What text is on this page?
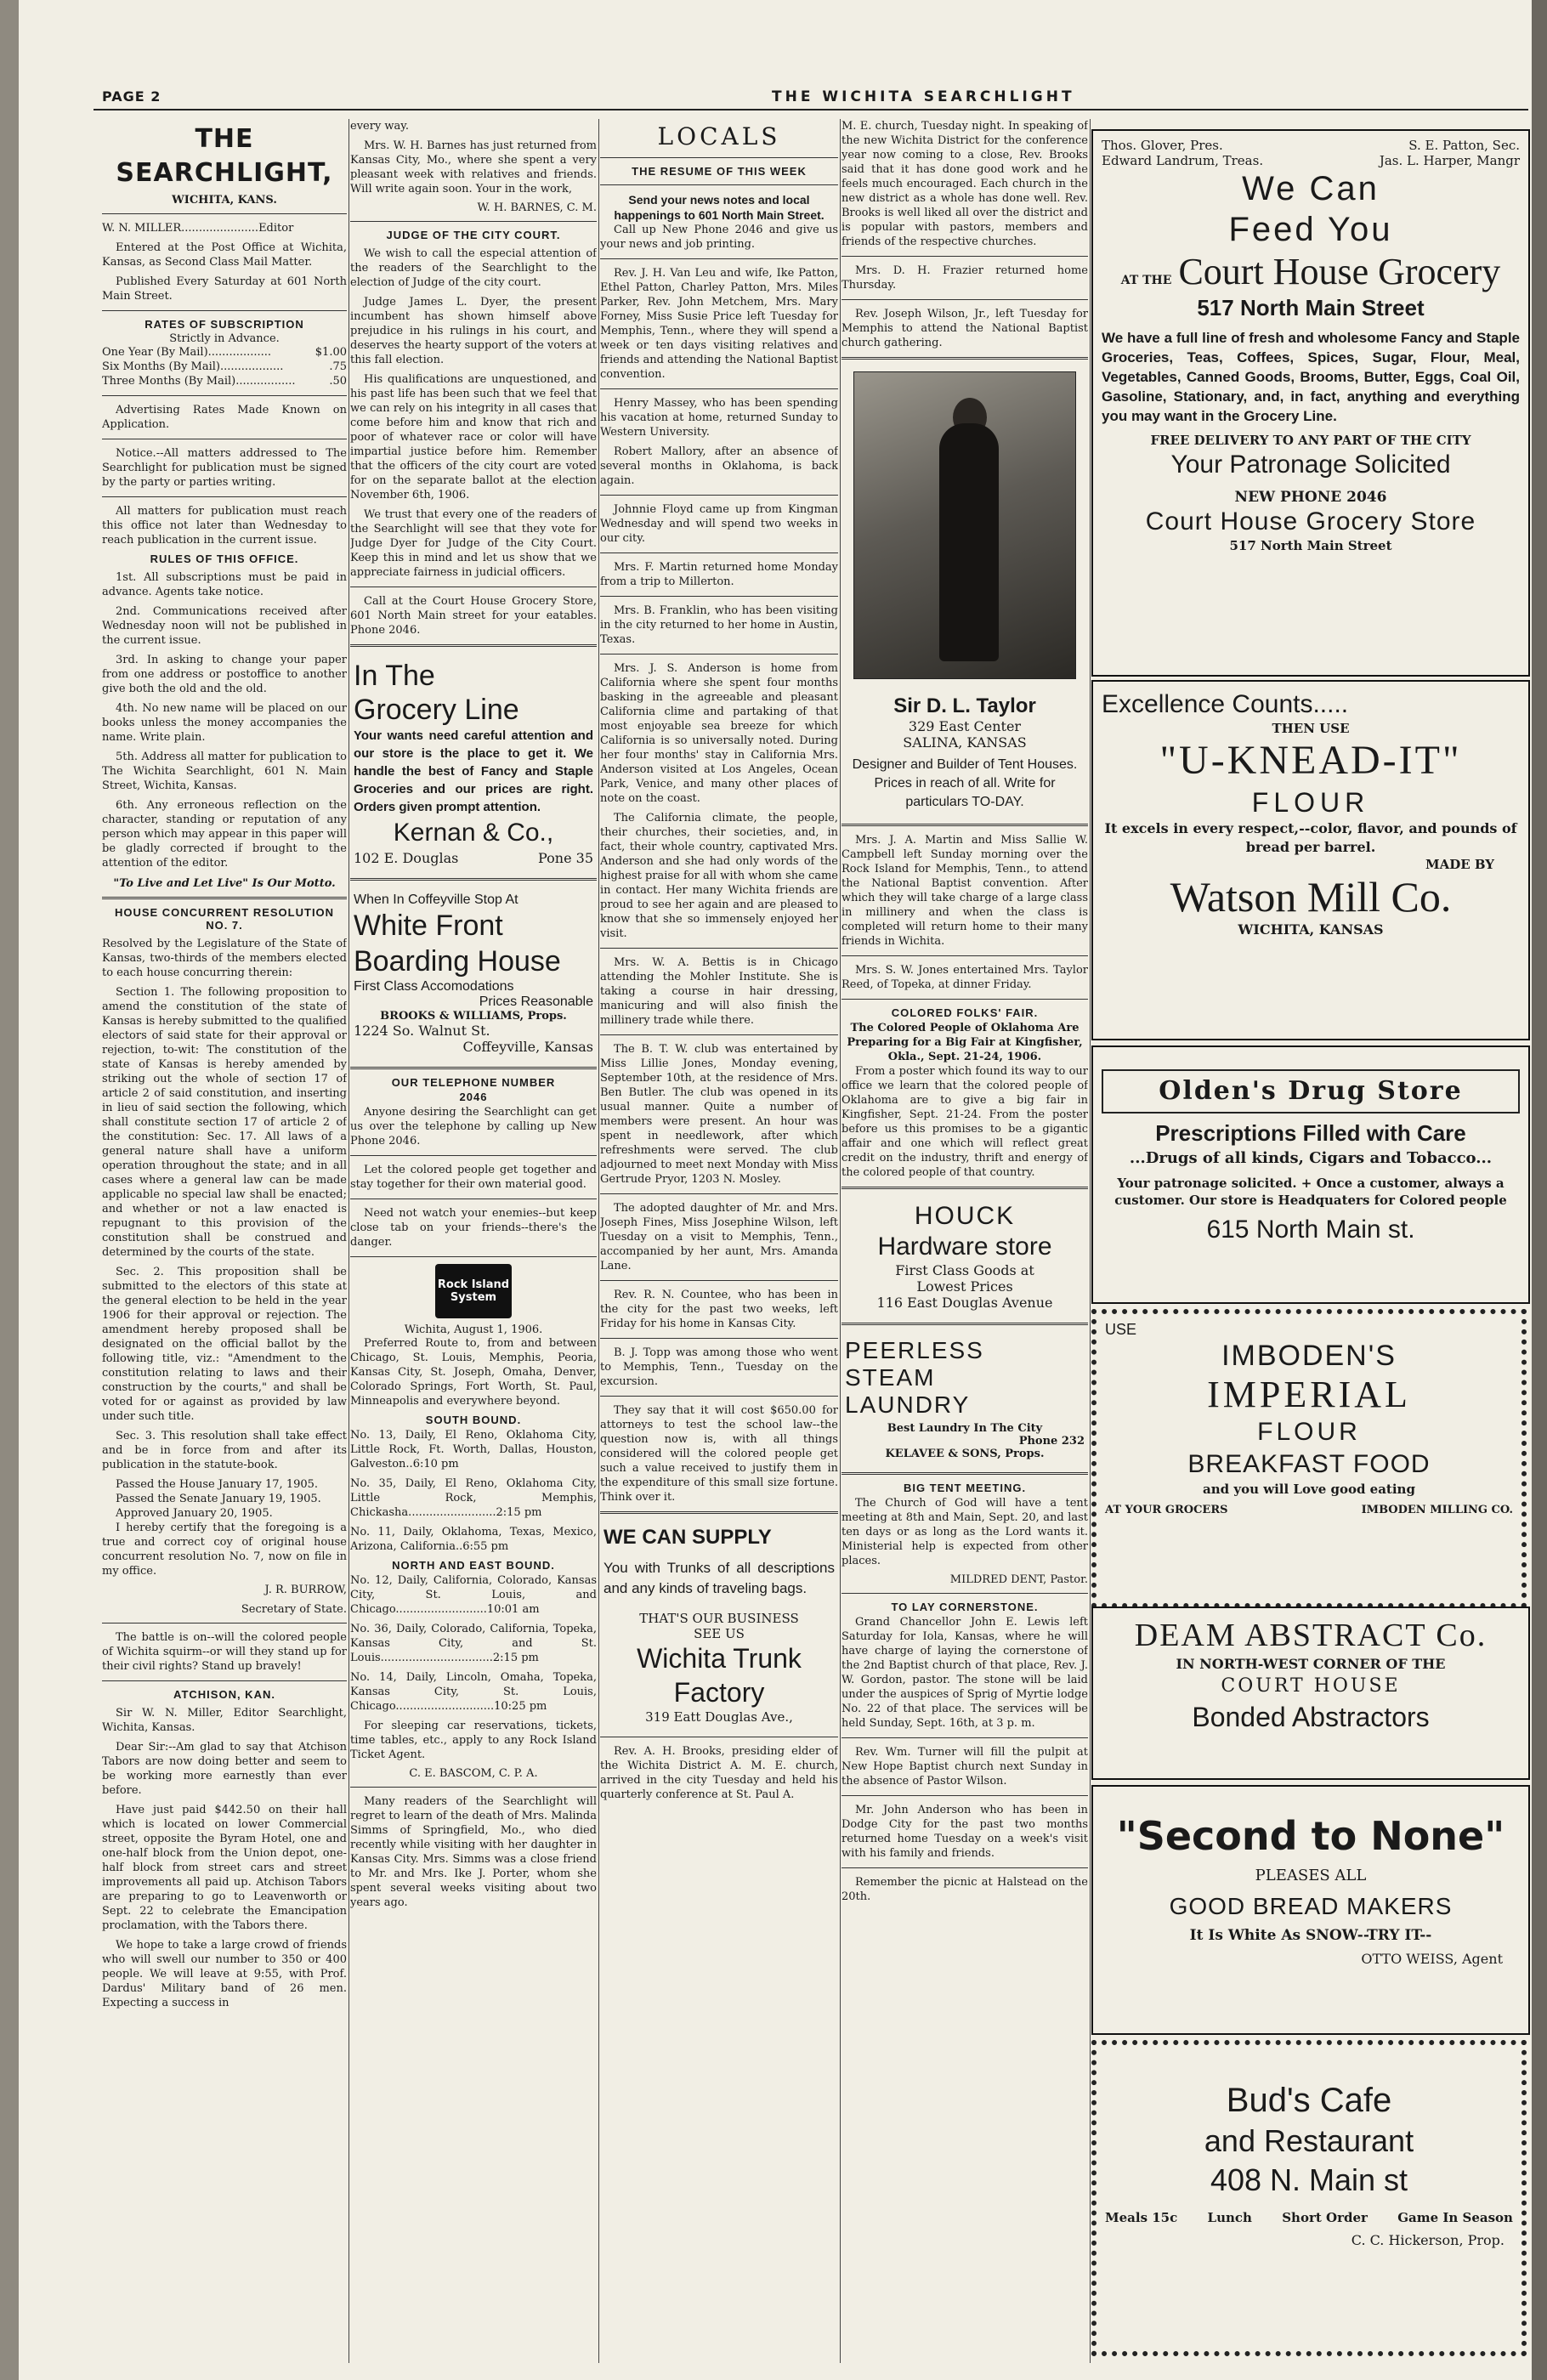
PAGE 2	THE WICHITA SEARCHLIGHT
THE SEARCHLIGHT,
WICHITA, KANS.

W. N. MILLER......................Editor

Entered at the Post Office at Wichita, Kansas, as Second Class Mail Matter.

Published Every Saturday at 601 North Main Street.

RATES OF SUBSCRIPTION
Strictly in Advance.
One Year (By Mail)..................	$1.00
Six Months (By Mail)..................	.75
Three Months (By Mail).................	.50

Advertising Rates Made Known on Application.

Notice.--All matters addressed to The Searchlight for publication must be signed by the party or parties writing.

All matters for publication must reach this office not later than Wednesday to reach publication in the current issue.

RULES OF THIS OFFICE.

1st. All subscriptions must be paid in advance. Agents take notice.

2nd. Communications received after Wednesday noon will not be published in the current issue.

3rd. In asking to change your paper from one address or postoffice to another give both the old and the old.

4th. No new name will be placed on our books unless the money accompanies the name. Write plain.

5th. Address all matter for publication to The Wichita Searchlight, 601 N. Main Street, Wichita, Kansas.

6th. Any erroneous reflection on the character, standing or reputation of any person which may appear in this paper will be gladly corrected if brought to the attention of the editor.

"To Live and Let Live" Is Our Motto.
HOUSE CONCURRENT RESOLUTION NO. 7.

Resolved by the Legislature of the State of Kansas, two-thirds of the members elected to each house concurring therein:

Section 1. The following proposition to amend the constitution of the state of Kansas is hereby submitted to the qualified electors of said state for their approval or rejection, to-wit: The constitution of the state of Kansas is hereby amended by striking out the whole of section 17 of article 2 of said constitution, and inserting in lieu of said section the following, which shall constitute section 17 of article 2 of the constitution: Sec. 17. All laws of a general nature shall have a uniform operation throughout the state; and in all cases where a general law can be made applicable no special law shall be enacted; and whether or not a law enacted is repugnant to this provision of the constitution shall be construed and determined by the courts of the state.

Sec. 2. This proposition shall be submitted to the electors of this state at the general election to be held in the year 1906 for their approval or rejection. The amendment hereby proposed shall be designated on the official ballot by the following title, viz.: "Amendment to the constitution relating to laws and their construction by the courts," and shall be voted for or against as provided by law under such title.

Sec. 3. This resolution shall take effect and be in force from and after its publication in the statute-book.

Passed the House January 17, 1905.

Passed the Senate January 19, 1905.

Approved January 20, 1905.

I hereby certify that the foregoing is a true and correct coy of original house concurrent resolution No. 7, now on file in my office.

J. R. BURROW,
Secretary of State.

The battle is on--will the colored people of Wichita squirm--or will they stand up for their civil rights? Stand up bravely!

ATCHISON, KAN.

Sir W. N. Miller, Editor Searchlight, Wichita, Kansas.

Dear Sir:--Am glad to say that Atchison Tabors are now doing better and seem to be working more earnestly than ever before.

Have just paid $442.50 on their hall which is located on lower Commercial street, opposite the Byram Hotel, one and one-half block from the Union depot, one-half block from street cars and street improvements all paid up. Atchison Tabors are preparing to go to Leavenworth or Sept. 22 to celebrate the Emancipation proclamation, with the Tabors there.

We hope to take a large crowd of friends who will swell our number to 350 or 400 people. We will leave at 9:55, with Prof. Dardus' Military band of 26 men. Expecting a success in

every way.

Mrs. W. H. Barnes has just returned from Kansas City, Mo., where she spent a very pleasant week with relatives and friends. Will write again soon. Your in the work,

W. H. BARNES, C. M.
JUDGE OF THE CITY COURT.

We wish to call the especial attention of the readers of the Searchlight to the election of Judge of the city court.

Judge James L. Dyer, the present incumbent has shown himself above prejudice in his rulings in his court, and deserves the hearty support of the voters at this fall election.

His qualifications are unquestioned, and his past life has been such that we feel that we can rely on his integrity in all cases that come before him and know that rich and poor of whatever race or color will have impartial justice before him. Remember that the officers of the city court are voted for on the separate ballot at the election November 6th, 1906.

We trust that every one of the readers of the Searchlight will see that they vote for Judge Dyer for Judge of the City Court. Keep this in mind and let us show that we appreciate fairness in judicial officers.

Call at the Court House Grocery Store, 601 North Main street for your eatables. Phone 2046.

In The
Grocery Line
Your wants need careful attention and our store is the place to get it. We handle the best of Fancy and Staple Groceries and our prices are right. Orders given prompt attention.
Kernan & Co.,
102 E. Douglas	Pone 35
When In Coffeyville Stop At
White Front
Boarding House
First Class Accomodations
Prices Reasonable
BROOKS & WILLIAMS, Props.
1224 So. Walnut St.
Coffeyville, Kansas
OUR TELEPHONE NUMBER
2046

Anyone desiring the Searchlight can get us over the telephone by calling up New Phone 2046.

Let the colored people get together and stay together for their own material good.

Need not watch your enemies--but keep close tab on your friends--there's the danger.

Rock Island
System
Wichita, August 1, 1906.

Preferred Route to, from and between Chicago, St. Louis, Memphis, Peoria, Kansas City, St. Joseph, Omaha, Denver, Colorado Springs, Fort Worth, St. Paul, Minneapolis and everywhere beyond.

SOUTH BOUND.

No. 13, Daily, El Reno, Oklahoma City, Little Rock, Ft. Worth, Dallas, Houston, Galveston..6:10 pm

No. 35, Daily, El Reno, Oklahoma City, Little Rock, Memphis, Chickasha.........................2:15 pm

No. 11, Daily, Oklahoma, Texas, Mexico, Arizona, California..6:55 pm

NORTH AND EAST BOUND.

No. 12, Daily, California, Colorado, Kansas City, St. Louis, and Chicago..........................10:01 am

No. 36, Daily, Colorado, California, Topeka, Kansas City, and St. Louis................................2:15 pm

No. 14, Daily, Lincoln, Omaha, Topeka, Kansas City, St. Louis, Chicago............................10:25 pm

For sleeping car reservations, tickets, time tables, etc., apply to any Rock Island Ticket Agent.

C. E. BASCOM, C. P. A.

Many readers of the Searchlight will regret to learn of the death of Mrs. Malinda Simms of Springfield, Mo., who died recently while visiting with her daughter in Kansas City. Mrs. Simms was a close friend to Mr. and Mrs. Ike J. Porter, whom she spent several weeks visiting about two years ago.

LOCALS
THE RESUME OF THIS WEEK
Send your news notes and local happenings to 601 North Main Street.

Call up New Phone 2046 and give us your news and job printing.

Rev. J. H. Van Leu and wife, Ike Patton, Ethel Patton, Charley Patton, Mrs. Miles Parker, Rev. John Metchem, Mrs. Mary Forney, Miss Susie Price left Tuesday for Memphis, Tenn., where they will spend a week or ten days visiting relatives and friends and attending the National Baptist convention.

Henry Massey, who has been spending his vacation at home, returned Sunday to Western University.

Robert Mallory, after an absence of several months in Oklahoma, is back again.

Johnnie Floyd came up from Kingman Wednesday and will spend two weeks in our city.

Mrs. F. Martin returned home Monday from a trip to Millerton.

Mrs. B. Franklin, who has been visiting in the city returned to her home in Austin, Texas.

Mrs. J. S. Anderson is home from California where she spent four months basking in the agreeable and pleasant California clime and partaking of that most enjoyable sea breeze for which California is so universally noted. During her four months' stay in California Mrs. Anderson visited at Los Angeles, Ocean Park, Venice, and many other places of note on the coast.

The California climate, the people, their churches, their societies, and, in fact, their whole country, captivated Mrs. Anderson and she had only words of the highest praise for all with whom she came in contact. Her many Wichita friends are proud to see her again and are pleased to know that she so immensely enjoyed her visit.

Mrs. W. A. Bettis is in Chicago attending the Mohler Institute. She is taking a course in hair dressing, manicuring and will also finish the millinery trade while there.

The B. T. W. club was entertained by Miss Lillie Jones, Monday evening, September 10th, at the residence of Mrs. Ben Butler. The club was opened in its usual manner. Quite a number of members were present. An hour was spent in needlework, after which refreshments were served. The club adjourned to meet next Monday with Miss Gertrude Pryor, 1203 N. Mosley.

The adopted daughter of Mr. and Mrs. Joseph Fines, Miss Josephine Wilson, left Tuesday on a visit to Memphis, Tenn., accompanied by her aunt, Mrs. Amanda Lane.

Rev. R. N. Countee, who has been in the city for the past two weeks, left Friday for his home in Kansas City.

B. J. Topp was among those who went to Memphis, Tenn., Tuesday on the excursion.

They say that it will cost $650.00 for attorneys to test the school law--the question now is, with all things considered will the colored people get such a value received to justify them in the expenditure of this small size fortune. Think over it.

WE CAN SUPPLY
You with Trunks of all descriptions and any kinds of traveling bags.
THAT'S OUR BUSINESS
SEE US
Wichita Trunk
Factory
319 Eatt Douglas Ave.,

Rev. A. H. Brooks, presiding elder of the Wichita District A. M. E. church, arrived in the city Tuesday and held his quarterly conference at St. Paul A.

M. E. church, Tuesday night. In speaking of the new Wichita District for the conference year now coming to a close, Rev. Brooks said that it has done good work and he feels much encouraged. Each church in the new district as a whole has done well. Rev. Brooks is well liked all over the district and is popular with pastors, members and friends of the respective churches.

Mrs. D. H. Frazier returned home Thursday.

Rev. Joseph Wilson, Jr., left Tuesday for Memphis to attend the National Baptist church gathering.

Sir D. L. Taylor
329 East Center
SALINA, KANSAS
Designer and Builder of Tent Houses. Prices in reach of all. Write for particulars TO-DAY.

Mrs. J. A. Martin and Miss Sallie W. Campbell left Sunday morning over the Rock Island for Memphis, Tenn., to attend the National Baptist convention. After which they will take charge of a large class in millinery and when the class is completed will return home to their many friends in Wichita.

Mrs. S. W. Jones entertained Mrs. Taylor Reed, of Topeka, at dinner Friday.

COLORED FOLKS' FAIR.
The Colored People of Oklahoma Are Preparing for a Big Fair at Kingfisher, Okla., Sept. 21-24, 1906.

From a poster which found its way to our office we learn that the colored people of Oklahoma are to give a big fair in Kingfisher, Sept. 21-24. From the poster before us this promises to be a gigantic affair and one which will reflect great credit on the industry, thrift and energy of the colored people of that country.

HOUCK
Hardware store
First Class Goods at
Lowest Prices
116 East Douglas Avenue
PEERLESS
STEAM
LAUNDRY
Best Laundry In The City
Phone 232
KELAVEE & SONS, Props.
BIG TENT MEETING.

The Church of God will have a tent meeting at 8th and Main, Sept. 20, and last ten days or as long as the Lord wants it. Ministerial help is expected from other places.

MILDRED DENT, Pastor.
TO LAY CORNERSTONE.

Grand Chancellor John E. Lewis left Saturday for Iola, Kansas, where he will have charge of laying the cornerstone of the 2nd Baptist church of that place, Rev. J. W. Gordon, pastor. The stone will be laid under the auspices of Sprig of Myrtie lodge No. 22 of that place. The services will be held Sunday, Sept. 16th, at 3 p. m.

Rev. Wm. Turner will fill the pulpit at New Hope Baptist church next Sunday in the absence of Pastor Wilson.

Mr. John Anderson who has been in Dodge City for the past two months returned home Tuesday on a week's visit with his family and friends.

Remember the picnic at Halstead on the 20th.

Thos. Glover, Pres.	S. E. Patton, Sec.
Edward Landrum, Treas.	Jas. L. Harper, Mangr
We Can
Feed You
AT THE Court House Grocery
517 North Main Street
We have a full line of fresh and wholesome Fancy and Staple Groceries, Teas, Coffees, Spices, Sugar, Flour, Meal, Vegetables, Canned Goods, Brooms, Butter, Eggs, Coal Oil, Gasoline, Stationary, and, in fact, anything and everything you may want in the Grocery Line.
FREE DELIVERY TO ANY PART OF THE CITY
Your Patronage Solicited
NEW PHONE 2046
Court House Grocery Store
517 North Main Street
Excellence Counts.....
THEN USE
"U-KNEAD-IT"
FLOUR
It excels in every respect,--color, flavor, and pounds of bread per barrel.
MADE BY
Watson Mill Co.
WICHITA, KANSAS
Olden's Drug Store
Prescriptions Filled with Care
...Drugs of all kinds, Cigars and Tobacco...
Your patronage solicited. + Once a customer, always a customer. Our store is Headquaters for Colored people
615 North Main st.
USE
IMBODEN'S
IMPERIAL
FLOUR
BREAKFAST FOOD
and you will Love good eating
AT YOUR GROCERS	IMBODEN MILLING CO.
DEAM ABSTRACT Co.
IN NORTH-WEST CORNER OF THE
COURT HOUSE
Bonded Abstractors
"Second to None"
PLEASES ALL
GOOD BREAD MAKERS
It Is White As SNOW--TRY IT--
OTTO WEISS, Agent
Bud's Cafe
and Restaurant
408 N. Main st
Meals 15c Lunch Short Order Game In Season
C. C. Hickerson, Prop.
